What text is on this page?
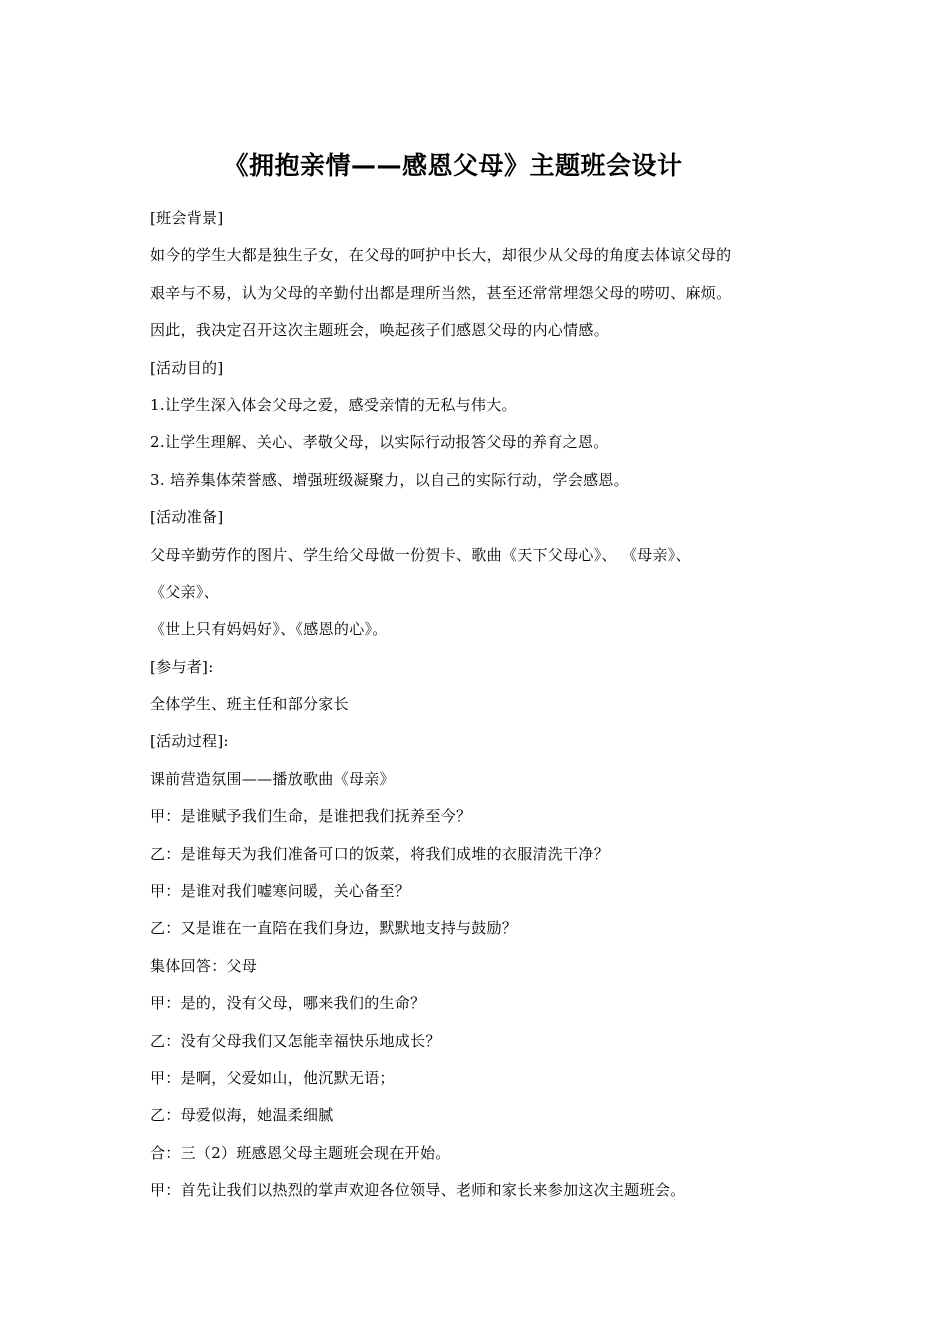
《拥抱亲情——感恩父母》主题班会设计
[班会背景]
如今的学生大都是独生子女，在父母的呵护中长大，却很少从父母的角度去体谅父母的
艰辛与不易，认为父母的辛勤付出都是理所当然，甚至还常常埋怨父母的唠叨、麻烦。
因此，我决定召开这次主题班会，唤起孩子们感恩父母的内心情感。
[活动目的]
1.让学生深入体会父母之爱，感受亲情的无私与伟大。
2.让学生理解、关心、孝敬父母，以实际行动报答父母的养育之恩。
3. 培养集体荣誉感、增强班级凝聚力，以自己的实际行动，学会感恩。
[活动准备]
父母辛勤劳作的图片、学生给父母做一份贺卡、歌曲《天下父母心》、 《母亲》、
《父亲》、
《世上只有妈妈好》、《感恩的心》。
[参与者]:
全体学生、班主任和部分家长
[活动过程]:
课前营造氛围——播放歌曲《母亲》
甲：是谁赋予我们生命，是谁把我们抚养至今？
乙：是谁每天为我们准备可口的饭菜，将我们成堆的衣服清洗干净？
甲：是谁对我们嘘寒问暖，关心备至？
乙：又是谁在一直陪在我们身边，默默地支持与鼓励？
集体回答：父母
甲：是的，没有父母，哪来我们的生命？
乙：没有父母我们又怎能幸福快乐地成长？
甲：是啊，父爱如山，他沉默无语；
乙：母爱似海，她温柔细腻
合：三（2）班感恩父母主题班会现在开始。
甲：首先让我们以热烈的掌声欢迎各位领导、老师和家长来参加这次主题班会。
